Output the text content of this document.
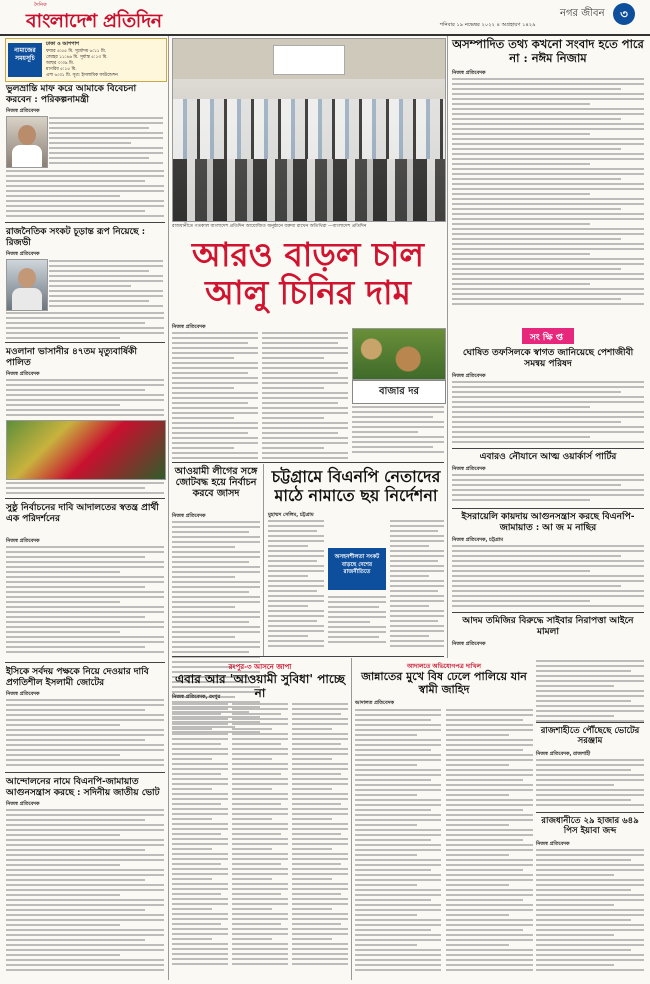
দৈনিক
বাংলাদেশ প্রতিদিন	নগর জীবন	৩
শনিবার ১৯ নভেম্বর ২০২২ ৪ অগ্রহায়ণ ১৪২৯
নামাজের সময়সূচি
ঢাকা ও আশপাশ
ফজর ৪:৫৫ মি. সূর্যোদয় ৬:১১ মি.
জোহর ১১:৪৬ মি. সূর্যাস্ত ৫:১৩ মি.
আছর ৩:৩৯ মি.
মাগরিব ৫:১৫ মি.
এশা ৬:৩১ মি. সূত্র: ইসলামিক ফাউন্ডেশন
ভুলভ্রান্তি মাফ করে আমাকে বিবেচনা করবেন : পরিকল্পনামন্ত্রী
নিজস্ব প্রতিবেদক
রাজনৈতিক সংকট চূড়ান্ত রূপ নিয়েছে : রিজভী
নিজস্ব প্রতিবেদক
মওলানা ভাসানীর ৪৭তম মৃত্যুবার্ষিকী পালিত
নিজস্ব প্রতিবেদক
সুষ্ঠু নির্বাচনের দাবি আদালতের স্বতন্ত্র প্রার্থী এক পরিদর্শনের
নিজস্ব প্রতিবেদক
ইসিকে সর্বদয় পক্ষকে নিয়ে দেওয়ার দাবি প্রগতিশীল ইসলামী জোটের
নিজস্ব প্রতিবেদক
আন্দোলনের নামে বিএনপি-জামায়াত আগুনসন্ত্রাস করছে : সদিনীয় জাতীয় ভোট
নিজস্ব প্রতিবেদক
রাজধানীতে গতকাল বাংলাদেশ প্রতিদিন আয়োজিত অনুষ্ঠানে বক্তব্য রাখেন অতিথিরা —বাংলাদেশ প্রতিদিন
আরও বাড়ল চাল আলু চিনির দাম
নিজস্ব প্রতিবেদক
বাজার দর
আওয়ামী লীগের সঙ্গে জোটবদ্ধ হয়ে নির্বাচন করবে জাসদ
নিজস্ব প্রতিবেদক
চট্টগ্রামে বিএনপি নেতাদের মাঠে নামাতে ছয় নির্দেশনা
মুহাম্মদ সেলিম, চট্টগ্রাম
অসহনশীলতা সংকট বাড়ছে দেশের রাজনীতিতে
রংপুর-৩ আসনে জাপা
এবার আর 'আওয়ামী সুবিধা' পাচ্ছে না
নিজস্ব প্রতিবেদক, রংপুর
আদালতে অভিযোগপত্র দাখিল
জান্নাতের মুখে বিষ ঢেলে পালিয়ে যান স্বামী জাহিদ
আদালত প্রতিবেদক
অসম্পাদিত তথ্য কখনো সংবাদ হতে পারে না : নঈম নিজাম
নিজস্ব প্রতিবেদক
সংক্ষিপ্ত
ঘোষিত তফসিলকে স্বাগত জানিয়েছে পেশাজীবী সমন্বয় পরিষদ
নিজস্ব প্রতিবেদক
এবারও নৌযানে আত্ম ওয়ার্কার্স পার্টির
নিজস্ব প্রতিবেদক
ইসরায়েলি কায়দায় আগুনসন্ত্রাস করছে বিএনপি-জামায়াত : আ জ ম নাছির
নিজস্ব প্রতিবেদক, চট্টগ্রাম
আদম তমিজির বিরুদ্ধে সাইবার নিরাপত্তা আইনে মামলা
নিজস্ব প্রতিবেদক
রাজশাহীতে পৌঁছেছে ভোটের সরঞ্জাম
নিজস্ব প্রতিবেদক, রাজশাহী
রাজধানীতে ২৯ হাজার ৬৪৯ পিস ইয়াবা জব্দ
নিজস্ব প্রতিবেদক
